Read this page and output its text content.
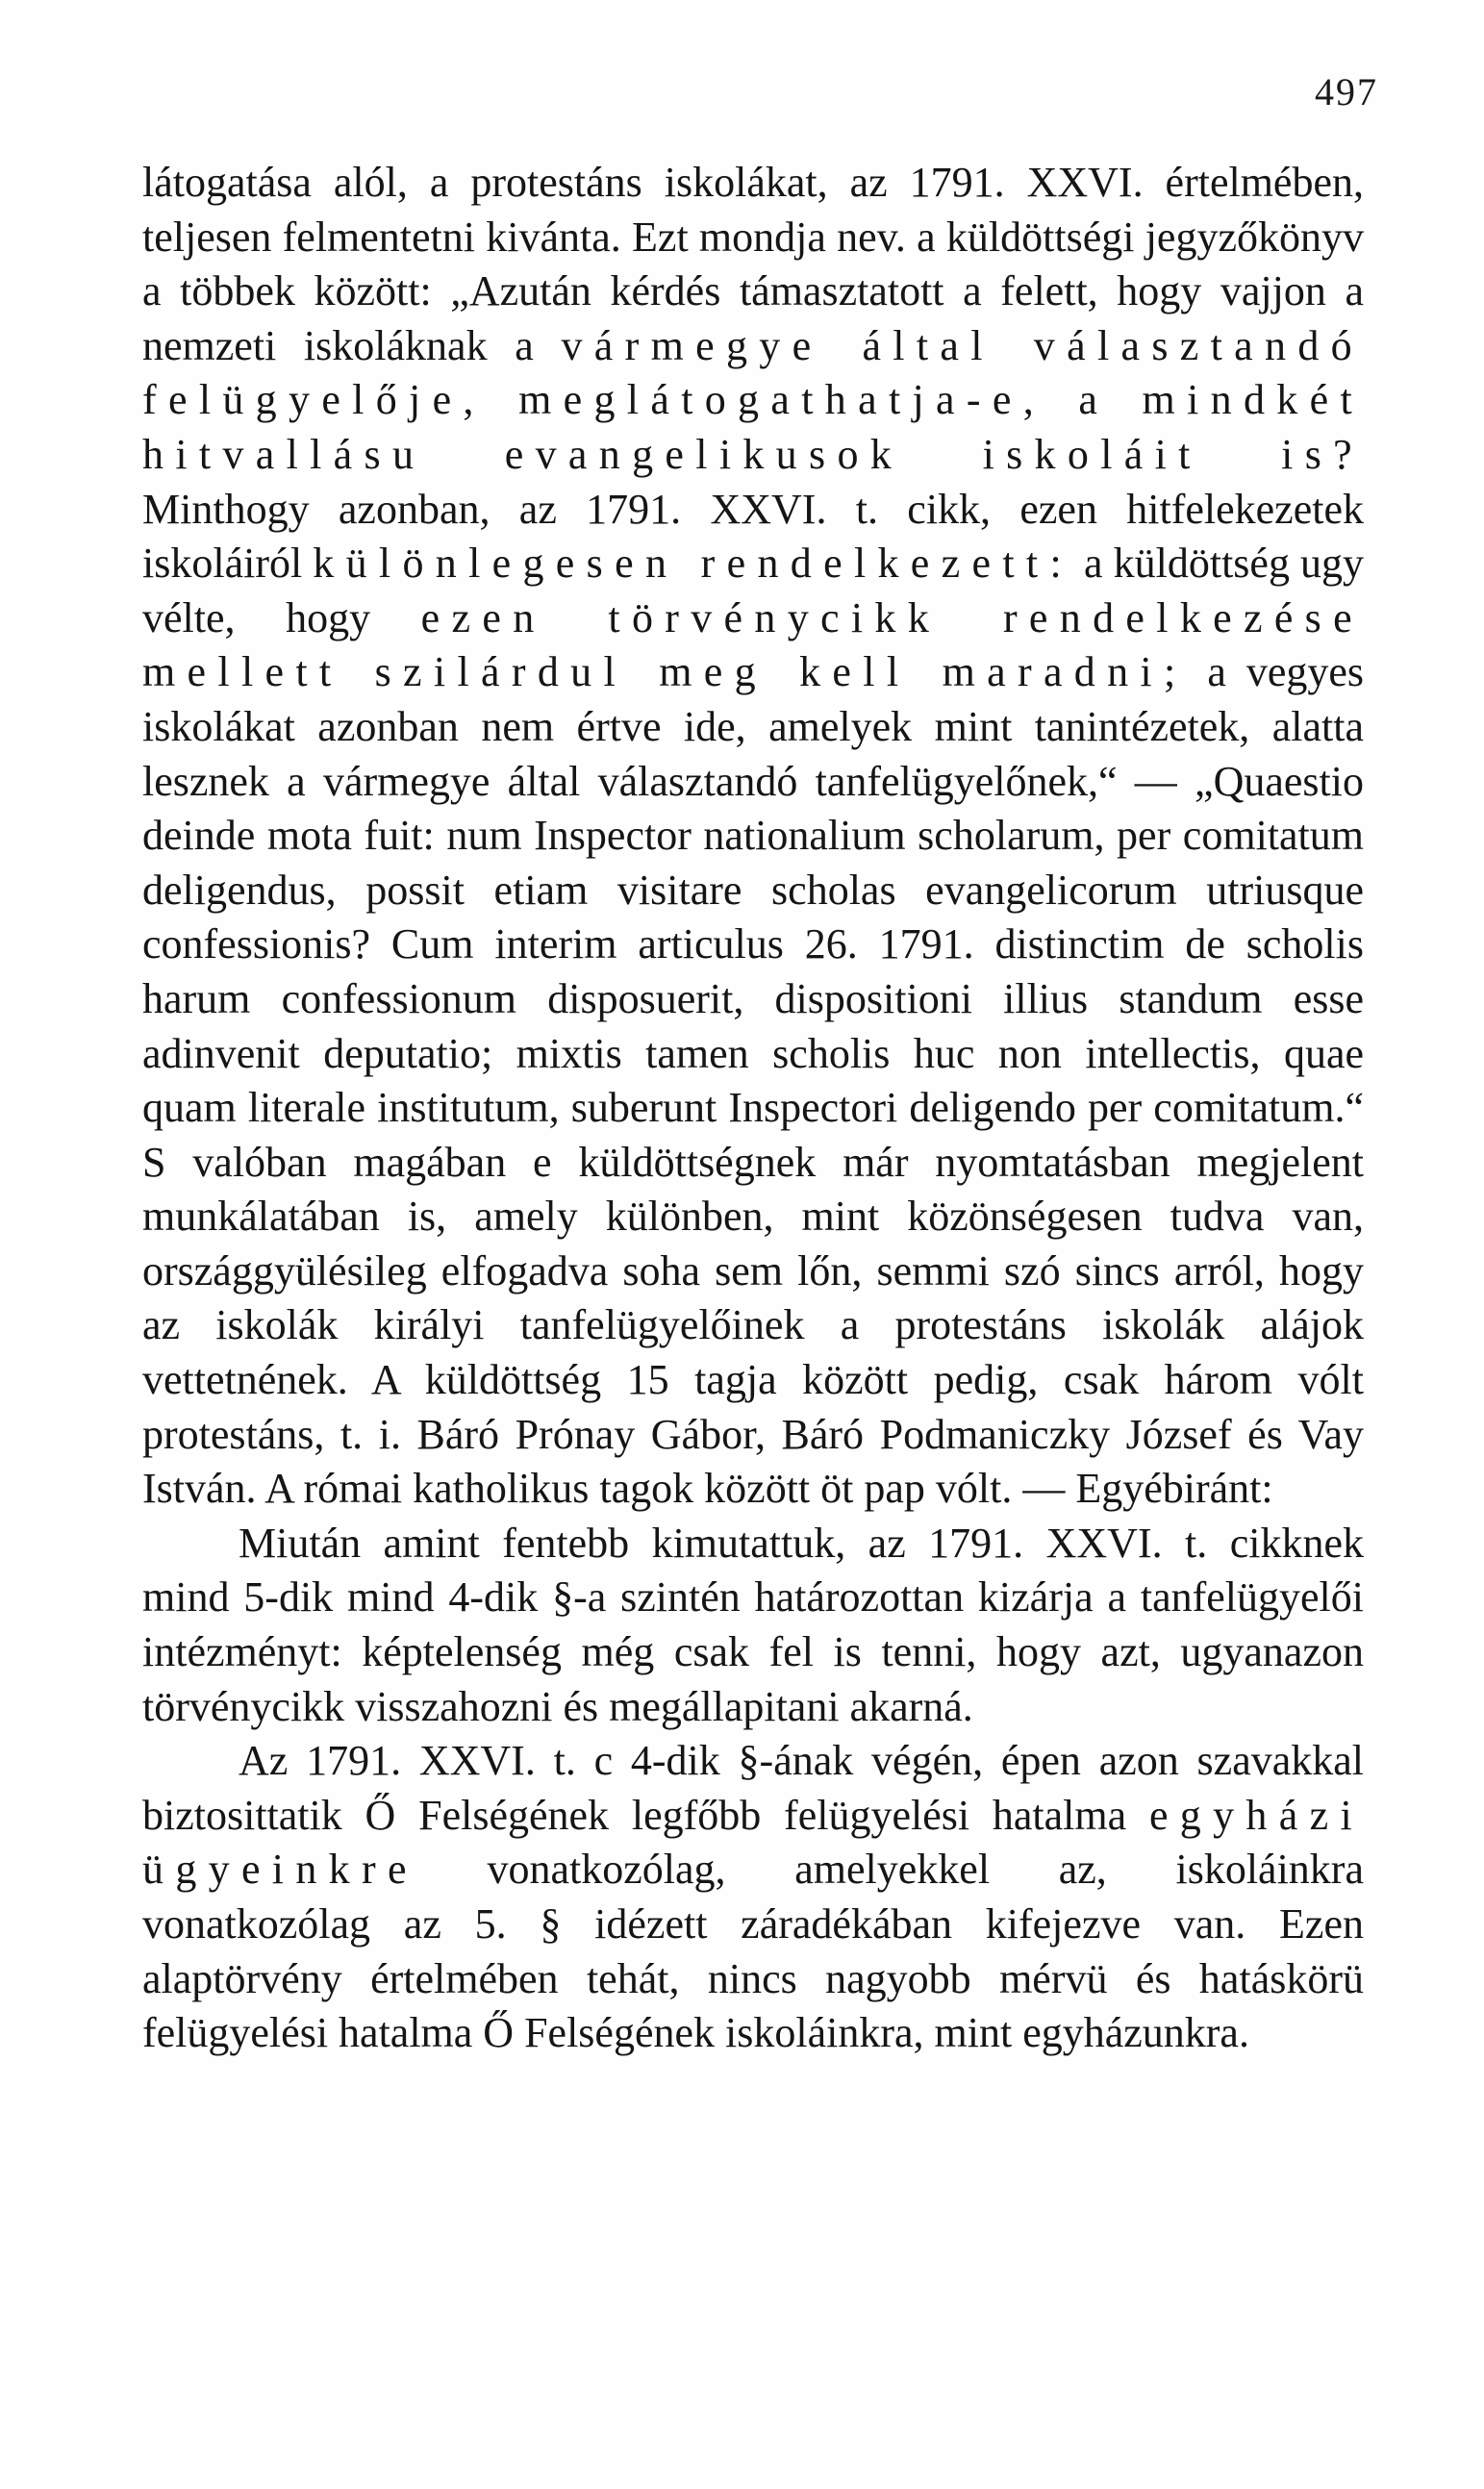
497

látogatása alól, a protestáns iskolákat, az 1791. XXVI. értelmében, teljesen felmentetni kivánta. Ezt mondja nev. a küldöttségi jegyzőkönyv a többek között: „Azután kérdés támasztatott a felett, hogy vajjon a nemzeti iskoláknak a vármegye által választandó felügyelője, meglátogathatja-e, a mindkét hitvallásu evangelikusok iskoláit is? Minthogy azonban, az 1791. XXVI. t. cikk, ezen hitfelekezetek iskoláiról különlegesen rendelkezett: a küldöttség ugy vélte, hogy ezen törvénycikk rendelkezése mellett szilárdul meg kell maradni; a vegyes iskolákat azonban nem értve ide, amelyek mint tanintézetek, alatta lesznek a vármegye által választandó tanfelügyelőnek,“ — „Quaestio deinde mota fuit: num Inspector nationalium scholarum, per comitatum deligendus, possit etiam visitare scholas evangelicorum utriusque confessionis? Cum interim articulus 26. 1791. distinctim de scholis harum confessionum disposuerit, dispositioni illius standum esse adinvenit deputatio; mixtis tamen scholis huc non intellectis, quae quam literale institutum, suberunt Inspectori deligendo per comitatum.“ S valóban magában e küldöttségnek már nyomtatásban megjelent munkálatában is, amely különben, mint közönségesen tudva van, országgyülésileg elfogadva soha sem lőn, semmi szó sincs arról, hogy az iskolák királyi tanfelügyelőinek a protestáns iskolák alájok vettetnének. A küldöttség 15 tagja között pedig, csak három vólt protestáns, t. i. Báró Prónay Gábor, Báró Podmaniczky József és Vay István. A római katholikus tagok között öt pap vólt. — Egyébiránt:

Miután amint fentebb kimutattuk, az 1791. XXVI. t. cikknek mind 5-dik mind 4-dik §-a szintén határozottan kizárja a tanfelügyelői intézményt: képtelenség még csak fel is tenni, hogy azt, ugyanazon törvénycikk visszahozni és megállapitani akarná.

Az 1791. XXVI. t. c 4-dik §-ának végén, épen azon szavakkal biztosittatik Ő Felségének legfőbb felügyelési hatalma egyházi ügyeinkre vonatkozólag, amelyekkel az, iskoláinkra vonatkozólag az 5. § idézett záradékában kifejezve van. Ezen alaptörvény értelmében tehát, nincs nagyobb mérvü és hatáskörü felügyelési hatalma Ő Felségének iskoláinkra, mint egyházunkra.
